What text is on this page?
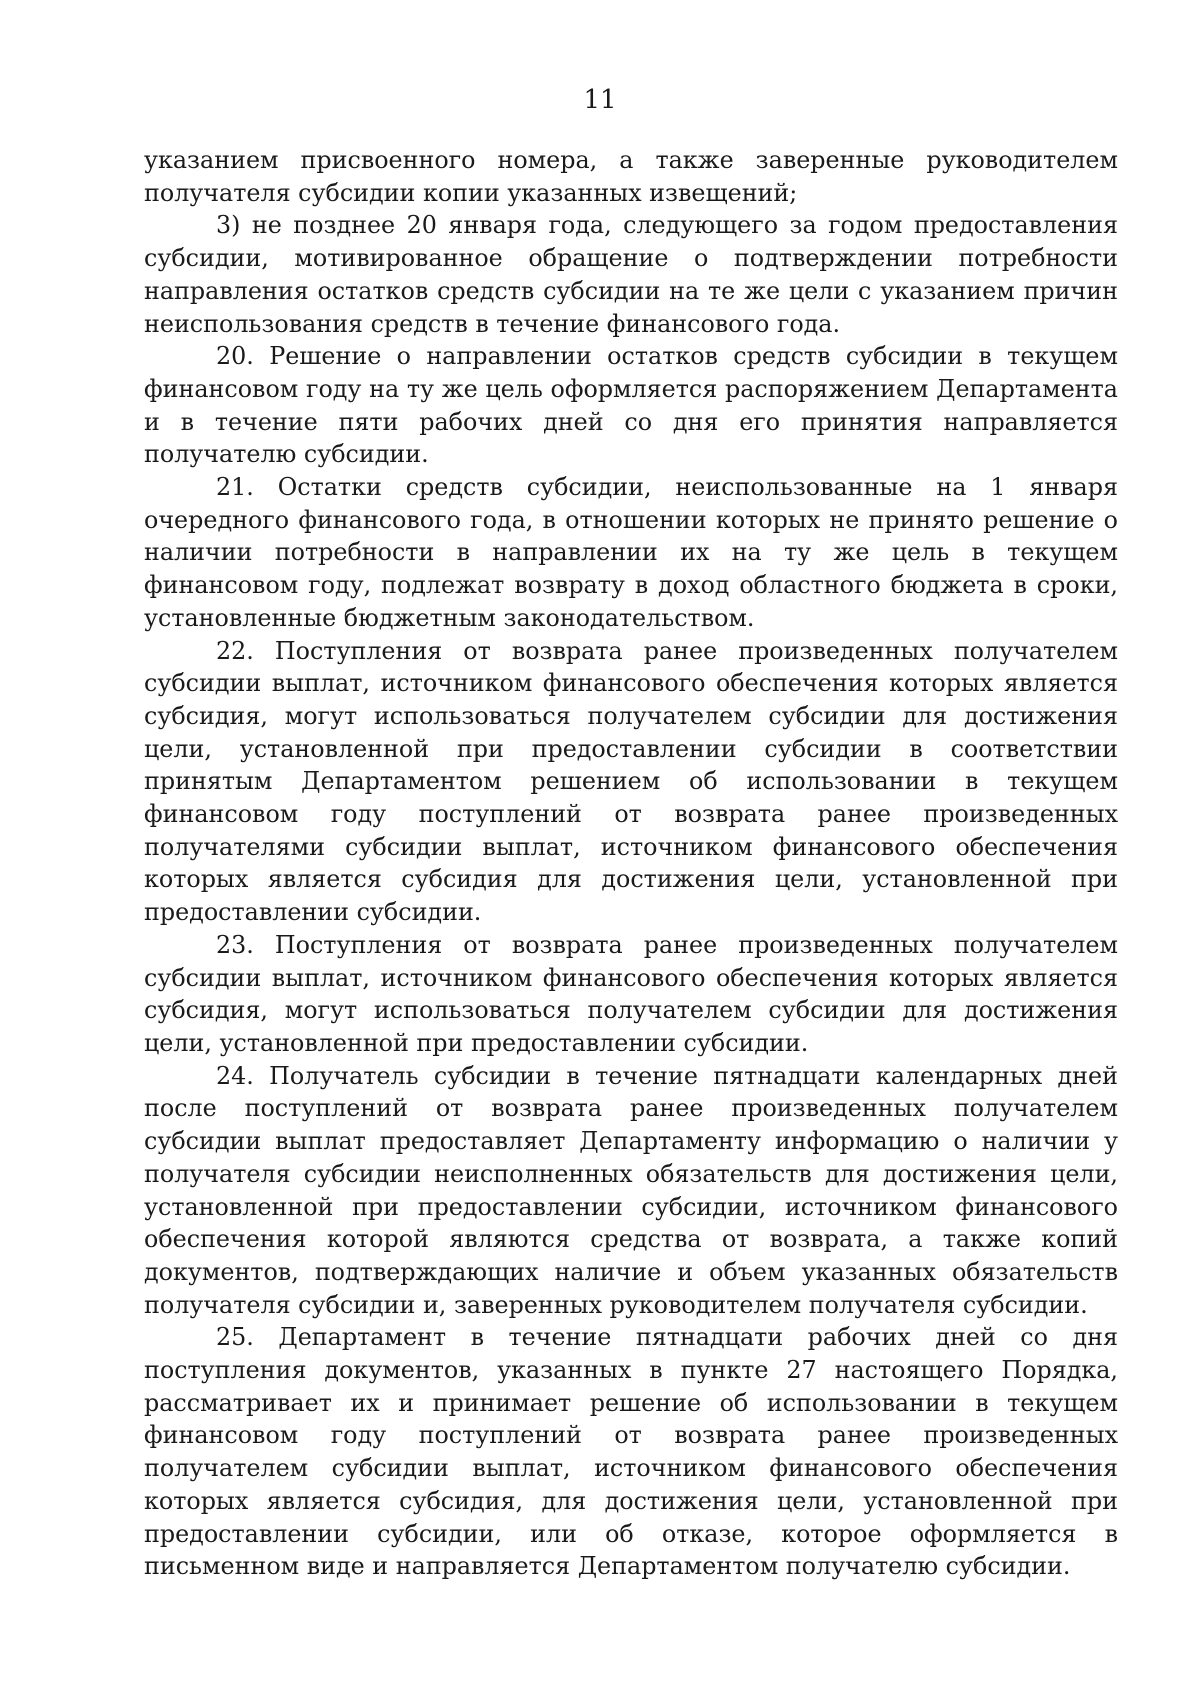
11

указанием присвоенного номера, а также заверенные руководителем получателя субсидии копии указанных извещений;

3) не позднее 20 января года, следующего за годом предоставления субсидии, мотивированное обращение о подтверждении потребности направления остатков средств субсидии на те же цели с указанием причин неиспользования средств в течение финансового года.

20. Решение о направлении остатков средств субсидии в текущем финансовом году на ту же цель оформляется распоряжением Департамента и в течение пяти рабочих дней со дня его принятия направляется получателю субсидии.

21. Остатки средств субсидии, неиспользованные на 1 января очередного финансового года, в отношении которых не принято решение о наличии потребности в направлении их на ту же цель в текущем финансовом году, подлежат возврату в доход областного бюджета в сроки, установленные бюджетным законодательством.

22. Поступления от возврата ранее произведенных получателем субсидии выплат, источником финансового обеспечения которых является субсидия, могут использоваться получателем субсидии для достижения цели, установленной при предоставлении субсидии в соответствии принятым Департаментом решением об использовании в текущем финансовом году поступлений от возврата ранее произведенных получателями субсидии выплат, источником финансового обеспечения которых является субсидия для достижения цели, установленной при предоставлении субсидии.

23. Поступления от возврата ранее произведенных получателем субсидии выплат, источником финансового обеспечения которых является субсидия, могут использоваться получателем субсидии для достижения цели, установленной при предоставлении субсидии.

24. Получатель субсидии в течение пятнадцати календарных дней после поступлений от возврата ранее произведенных получателем субсидии выплат предоставляет Департаменту информацию о наличии у получателя субсидии неисполненных обязательств для достижения цели, установленной при предоставлении субсидии, источником финансового обеспечения которой являются средства от возврата, а также копий документов, подтверждающих наличие и объем указанных обязательств получателя субсидии и, заверенных руководителем получателя субсидии.

25. Департамент в течение пятнадцати рабочих дней со дня поступления документов, указанных в пункте 27 настоящего Порядка, рассматривает их и принимает решение об использовании в текущем финансовом году поступлений от возврата ранее произведенных получателем субсидии выплат, источником финансового обеспечения которых является субсидия, для достижения цели, установленной при предоставлении субсидии, или об отказе, которое оформляется в письменном виде и направляется Департаментом получателю субсидии.
